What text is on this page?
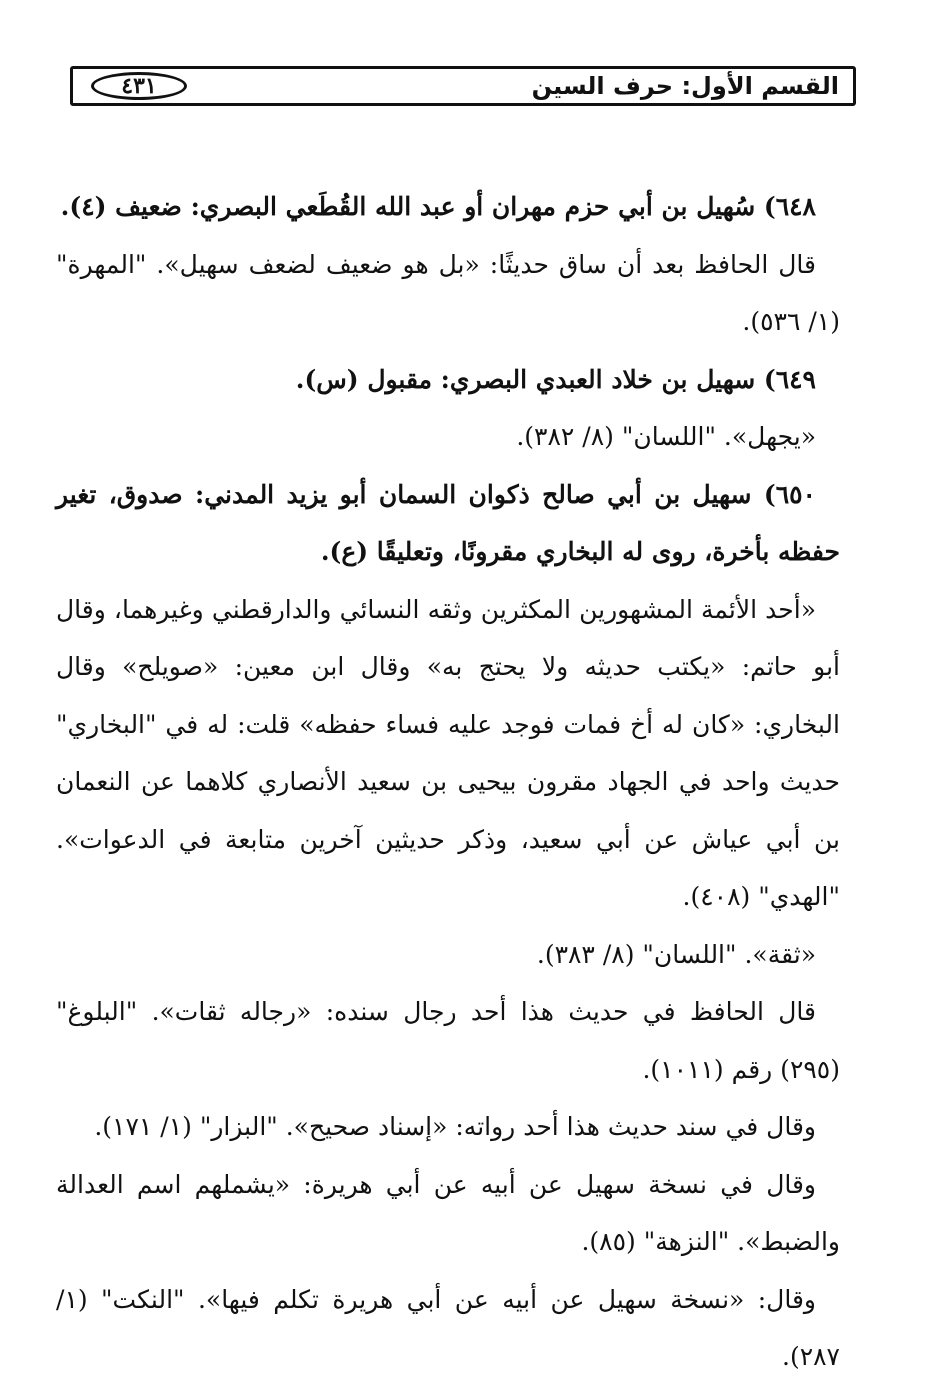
٤٣١	القسم الأول: حرف السين

٦٤٨) سُهيل بن أبي حزم مهران أو عبد الله القُطَعي البصري: ضعيف (٤).

قال الحافظ بعد أن ساق حديثًا: «بل هو ضعيف لضعف سهيل». "المهرة" (١/ ٥٣٦).

٦٤٩) سهيل بن خلاد العبدي البصري: مقبول (س).

«يجهل». "اللسان" (٨/ ٣٨٢).

٦٥٠) سهيل بن أبي صالح ذكوان السمان أبو يزيد المدني: صدوق، تغير حفظه بأخرة، روى له البخاري مقرونًا، وتعليقًا (ع).

«أحد الأئمة المشهورين المكثرين وثقه النسائي والدارقطني وغيرهما، وقال أبو حاتم: «يكتب حديثه ولا يحتج به» وقال ابن معين: «صويلح» وقال البخاري: «كان له أخ فمات فوجد عليه فساء حفظه» قلت: له في "البخاري" حديث واحد في الجهاد مقرون بيحيى بن سعيد الأنصاري كلاهما عن النعمان بن أبي عياش عن أبي سعيد، وذكر حديثين آخرين متابعة في الدعوات». "الهدي" (٤٠٨).

«ثقة». "اللسان" (٨/ ٣٨٣).

قال الحافظ في حديث هذا أحد رجال سنده: «رجاله ثقات». "البلوغ" (٢٩٥) رقم (١٠١١).

وقال في سند حديث هذا أحد رواته: «إسناد صحيح». "البزار" (١/ ١٧١).

وقال في نسخة سهيل عن أبيه عن أبي هريرة: «يشملهم اسم العدالة والضبط». "النزهة" (٨٥).

وقال: «نسخة سهيل عن أبيه عن أبي هريرة تكلم فيها». "النكت" (١/ ٢٨٧).
